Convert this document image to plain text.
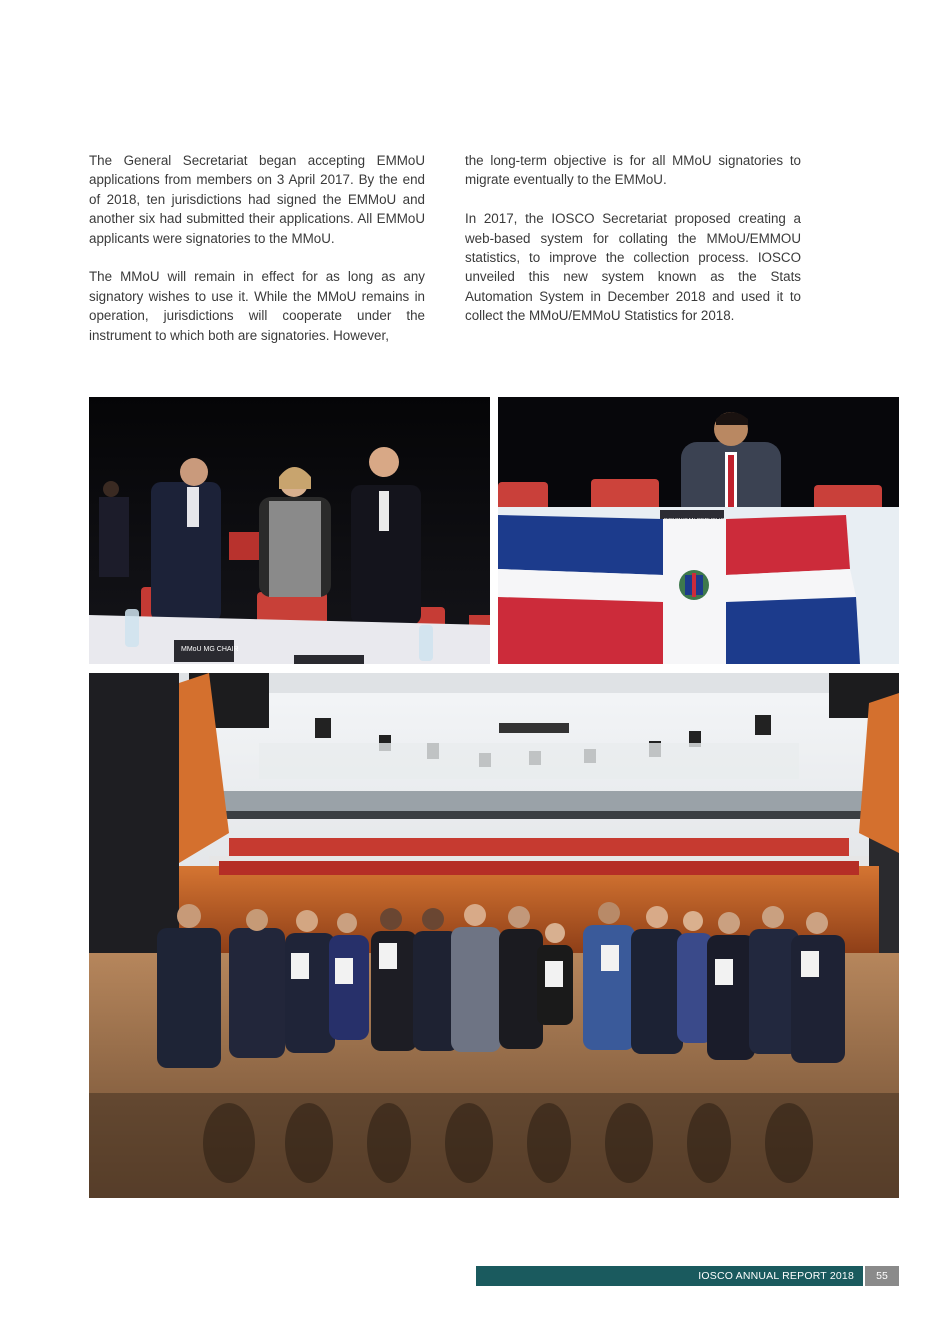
The General Secretariat began accepting EMMoU applications from members on 3 April 2017. By the end of 2018, ten jurisdictions had signed the EMMoU and another six had submitted their applications. All EMMoU applicants were signatories to the MMoU.

The MMoU will remain in effect for as long as any signatory wishes to use it. While the MMoU remains in operation, jurisdictions will cooperate under the instrument to which both are signatories. However,

the long-term objective is for all MMoU signatories to migrate eventually to the EMMoU.

In 2017, the IOSCO Secretariat proposed creating a web-based system for collating the MMoU/EMMOU statistics, to improve the collection process. IOSCO unveiled this new system known as the Stats Automation System in December 2018 and used it to collect the MMoU/EMMoU Statistics for 2018.

MMoU MG CHAIR
IOSCO ANNUAL REPORT 2018	55
